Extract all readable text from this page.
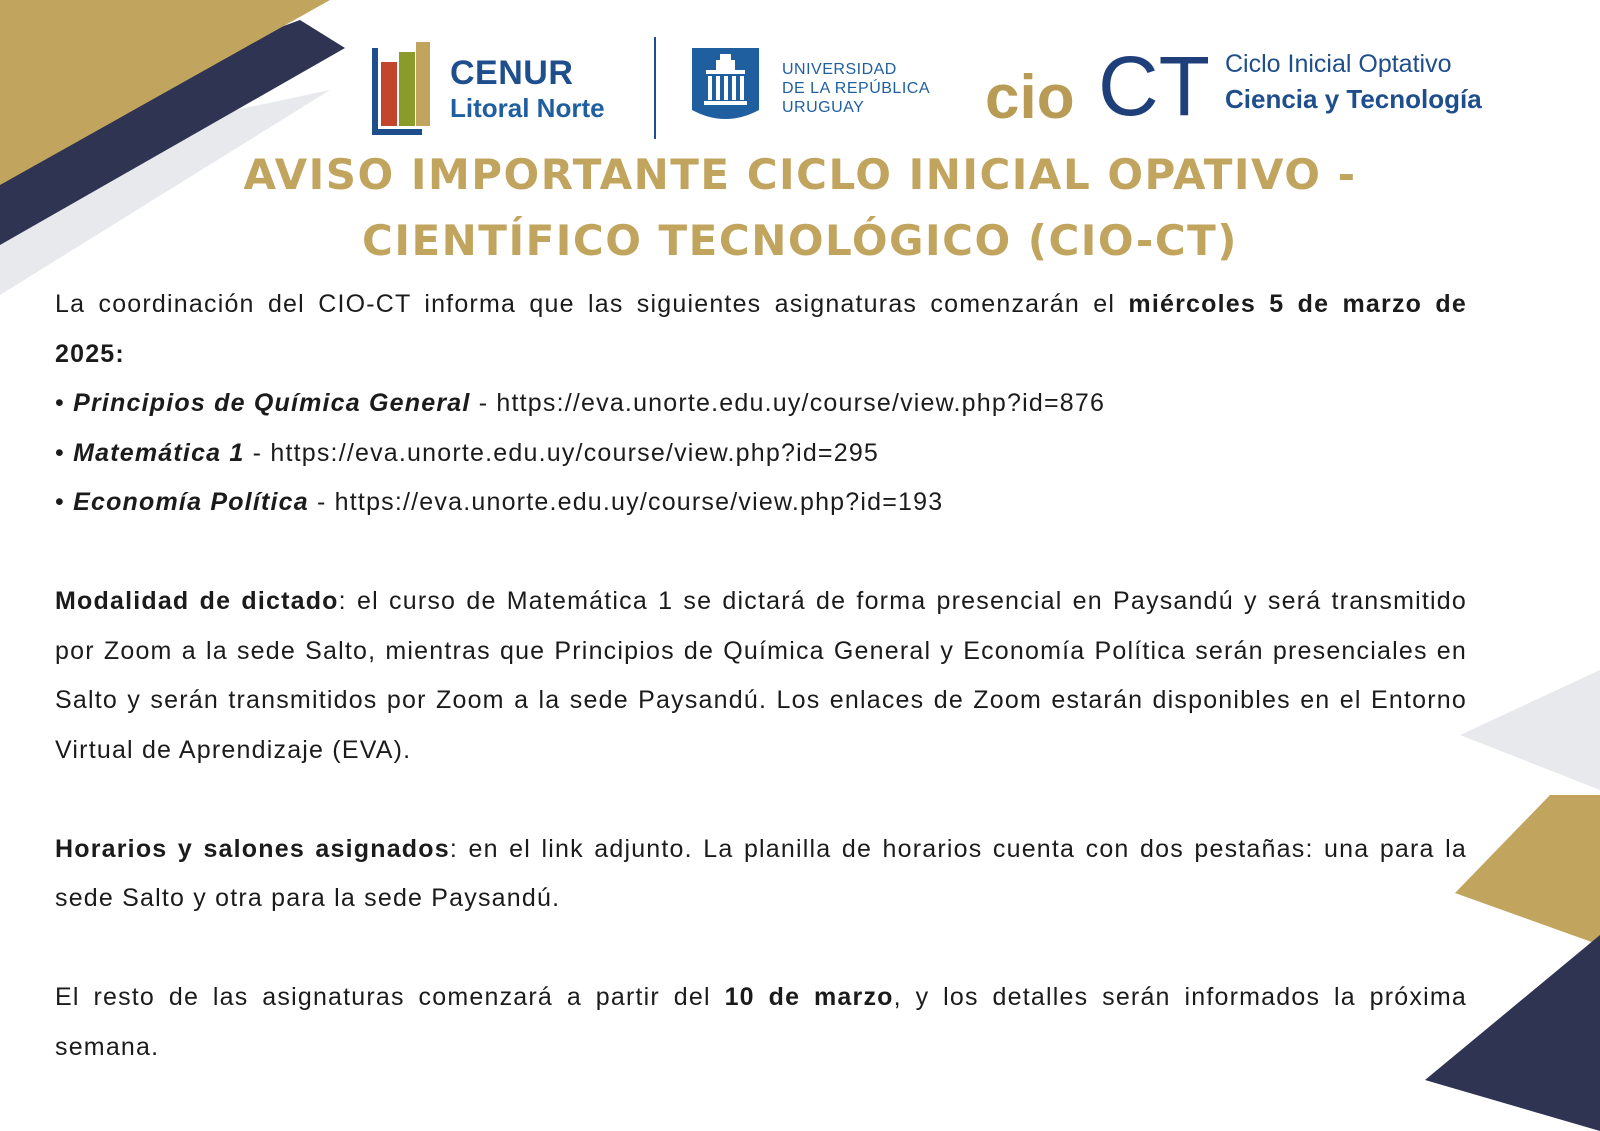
CENUR
Litoral Norte
UNIVERSIDAD
DE LA REPÚBLICA
URUGUAY	cio CT Ciclo Inicial Optativo
Ciencia y Tecnología
AVISO IMPORTANTE CICLO INICIAL OPATIVO -
CIENTÍFICO TECNOLÓGICO (CIO-CT)

La coordinación del CIO-CT informa que las siguientes asignaturas comenzarán el miércoles 5 de marzo de 2025:

• Principios de Química General - https://eva.unorte.edu.uy/course/view.php?id=876

• Matemática 1 - https://eva.unorte.edu.uy/course/view.php?id=295

• Economía Política - https://eva.unorte.edu.uy/course/view.php?id=193

Modalidad de dictado: el curso de Matemática 1 se dictará de forma presencial en Paysandú y será transmitido por Zoom a la sede Salto, mientras que Principios de Química General y Economía Política serán presenciales en Salto y serán transmitidos por Zoom a la sede Paysandú. Los enlaces de Zoom estarán disponibles en el Entorno Virtual de Aprendizaje (EVA).

Horarios y salones asignados: en el link adjunto. La planilla de horarios cuenta con dos pestañas: una para la sede Salto y otra para la sede Paysandú.

El resto de las asignaturas comenzará a partir del 10 de marzo, y los detalles serán informados la próxima semana.
